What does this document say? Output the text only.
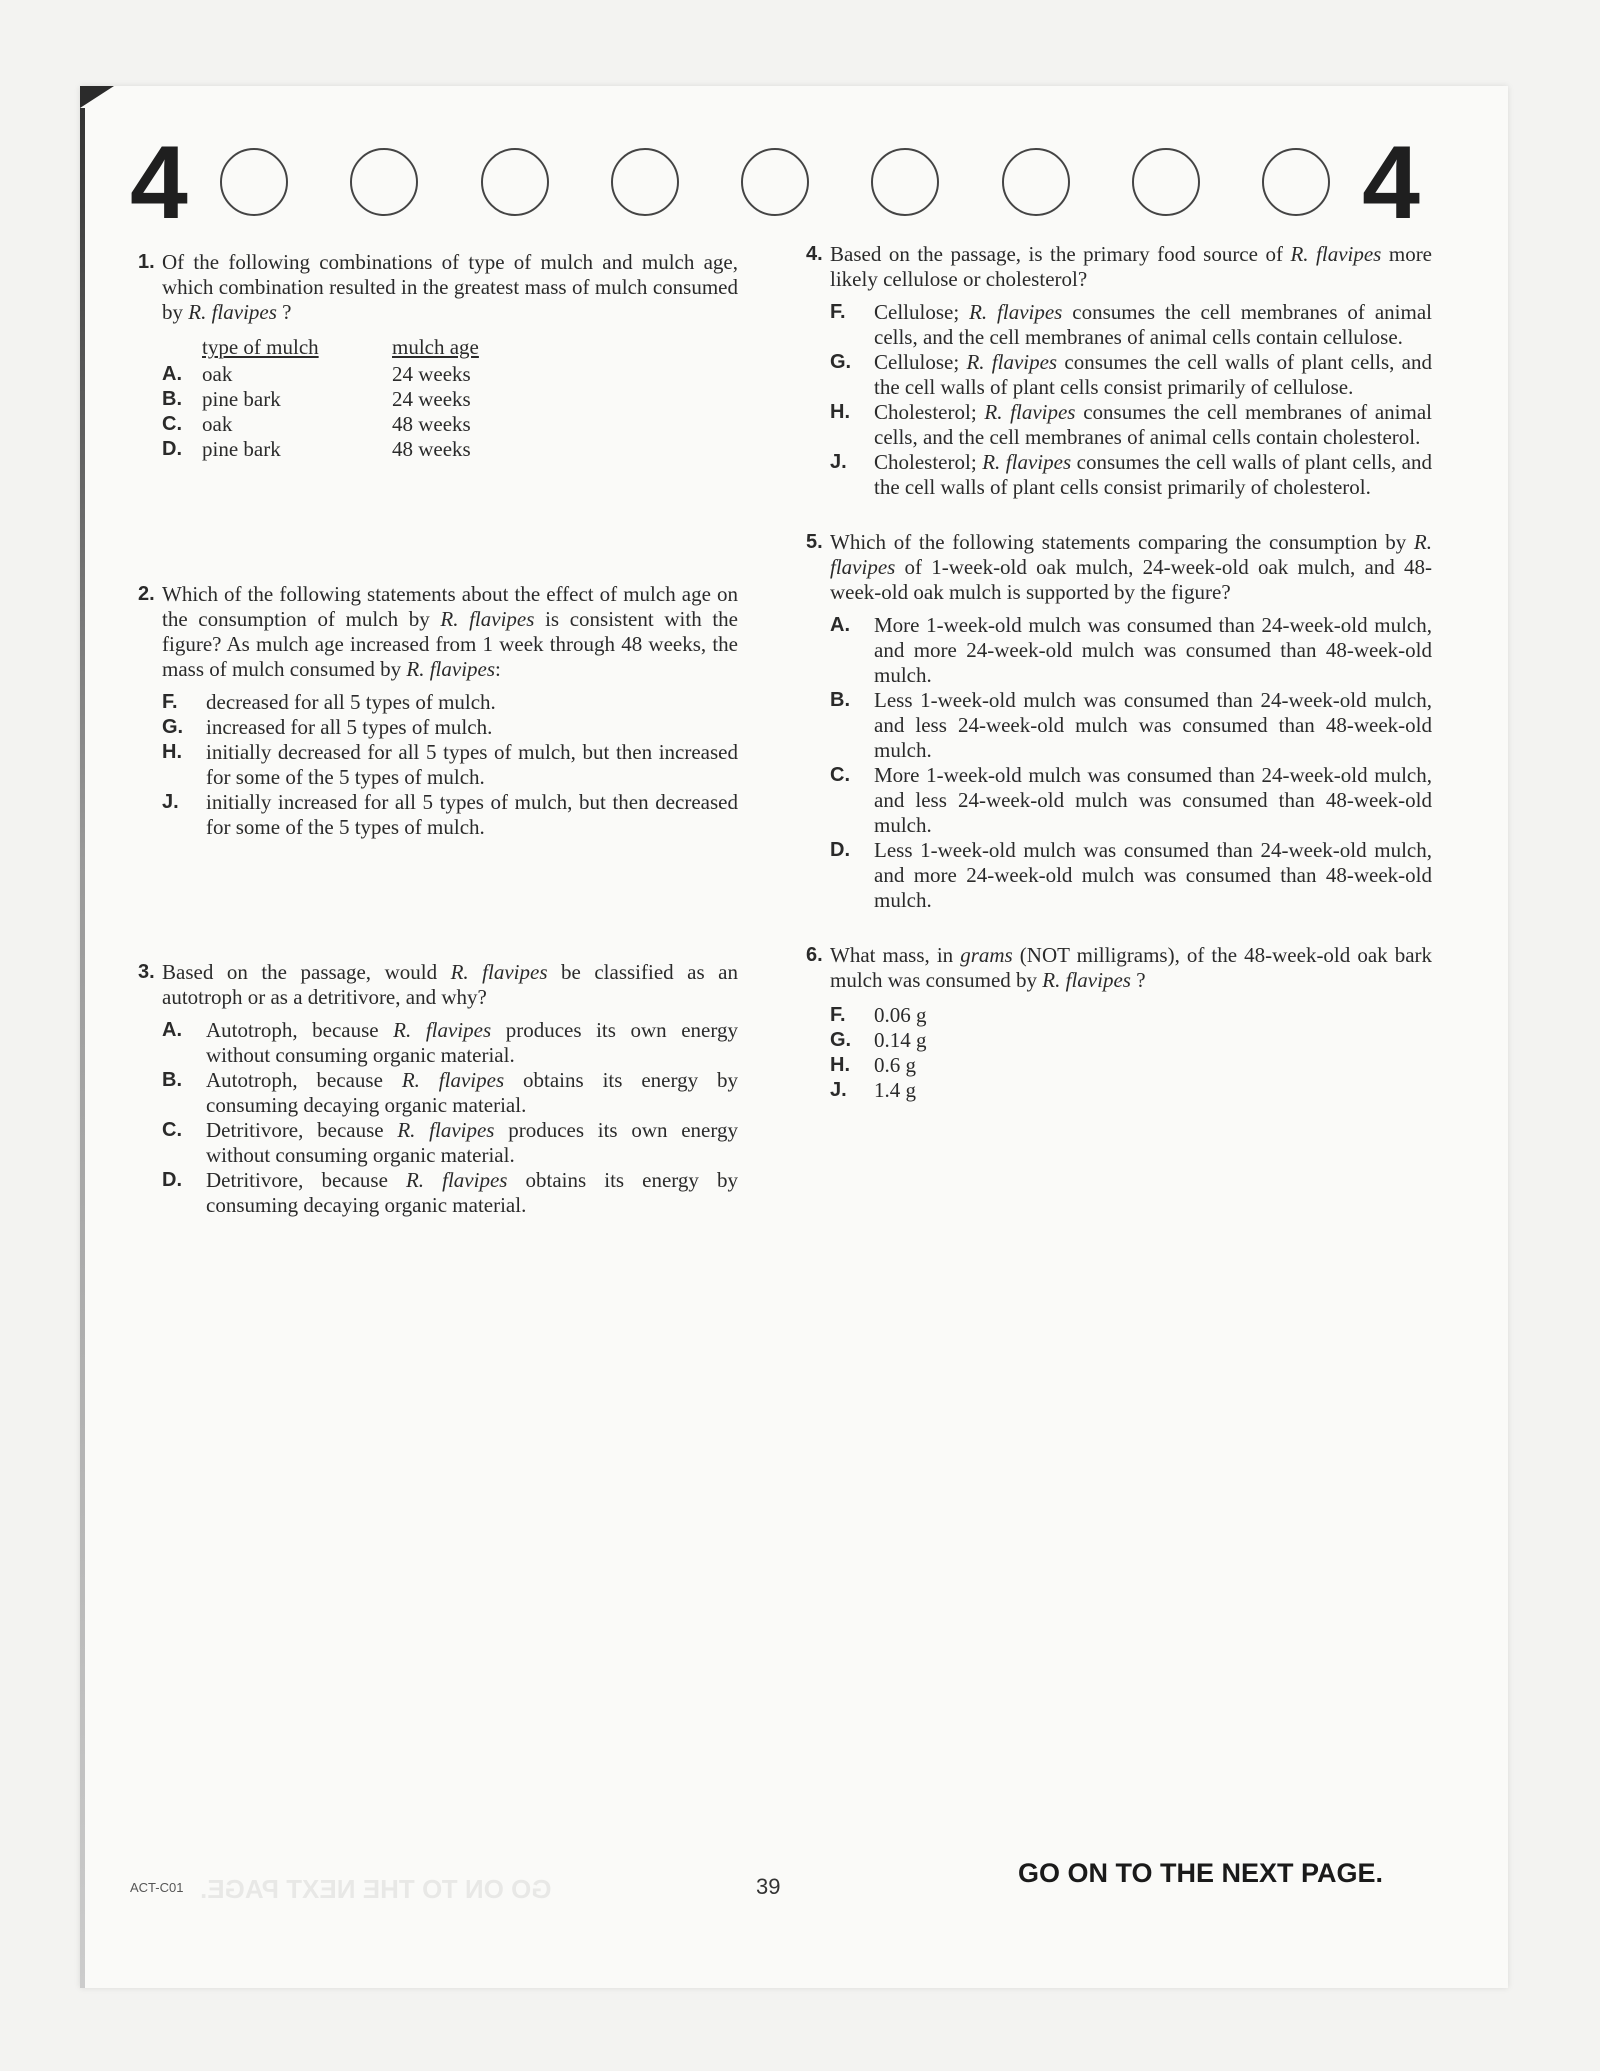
4	4
1. Of the following combinations of type of mulch and mulch age, which combination resulted in the greatest mass of mulch consumed by R. flavipes ?
type of mulch	mulch age
A. oak	24 weeks
B. pine bark	24 weeks
C. oak	48 weeks
D. pine bark	48 weeks
2. Which of the following statements about the effect of mulch age on the consumption of mulch by R. flavipes is consistent with the figure? As mulch age increased from 1 week through 48 weeks, the mass of mulch consumed by R. flavipes:
F. decreased for all 5 types of mulch.
G. increased for all 5 types of mulch.
H. initially decreased for all 5 types of mulch, but then increased for some of the 5 types of mulch.
J. initially increased for all 5 types of mulch, but then decreased for some of the 5 types of mulch.
3. Based on the passage, would R. flavipes be classified as an autotroph or as a detritivore, and why?
A. Autotroph, because R. flavipes produces its own energy without consuming organic material.
B. Autotroph, because R. flavipes obtains its energy by consuming decaying organic material.
C. Detritivore, because R. flavipes produces its own energy without consuming organic material.
D. Detritivore, because R. flavipes obtains its energy by consuming decaying organic material.
4. Based on the passage, is the primary food source of R. flavipes more likely cellulose or cholesterol?
F. Cellulose; R. flavipes consumes the cell membranes of animal cells, and the cell membranes of animal cells contain cellulose.
G. Cellulose; R. flavipes consumes the cell walls of plant cells, and the cell walls of plant cells consist primarily of cellulose.
H. Cholesterol; R. flavipes consumes the cell membranes of animal cells, and the cell membranes of animal cells contain cholesterol.
J. Cholesterol; R. flavipes consumes the cell walls of plant cells, and the cell walls of plant cells consist primarily of cholesterol.
5. Which of the following statements comparing the consumption by R. flavipes of 1-week-old oak mulch, 24-week-old oak mulch, and 48-week-old oak mulch is supported by the figure?
A. More 1-week-old mulch was consumed than 24-week-old mulch, and more 24-week-old mulch was consumed than 48-week-old mulch.
B. Less 1-week-old mulch was consumed than 24-week-old mulch, and less 24-week-old mulch was consumed than 48-week-old mulch.
C. More 1-week-old mulch was consumed than 24-week-old mulch, and less 24-week-old mulch was consumed than 48-week-old mulch.
D. Less 1-week-old mulch was consumed than 24-week-old mulch, and more 24-week-old mulch was consumed than 48-week-old mulch.
6. What mass, in grams (NOT milligrams), of the 48-week-old oak bark mulch was consumed by R. flavipes ?
F. 0.06 g
G. 0.14 g
H. 0.6 g
J. 1.4 g
ACT-C01 GO ON TO THE NEXT PAGE.	39	GO ON TO THE NEXT PAGE.
